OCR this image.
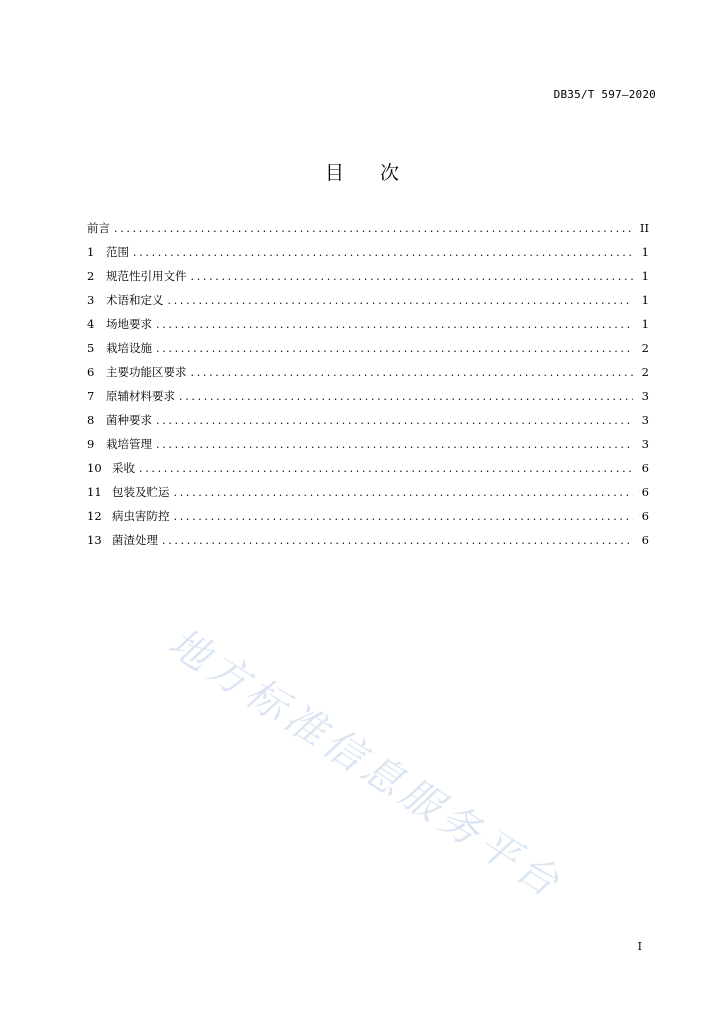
DB35/T 597—2020
目 次
前言 . . .	II
1	范围 . . .	1
2	规范性引用文件 . . .	1
3	术语和定义 . . .	1
4	场地要求 . . .	1
5	栽培设施 . . .	2
6	主要功能区要求 . . .	2
7	原辅材料要求 . . .	3
8	菌种要求 . . .	3
9	栽培管理 . . .	3
10 采收 . . .	6
11 包装及贮运 . . .	6
12 病虫害防控 . . .	6
13 菌渣处理 . . .	6
地方标准信息服务平台
I
